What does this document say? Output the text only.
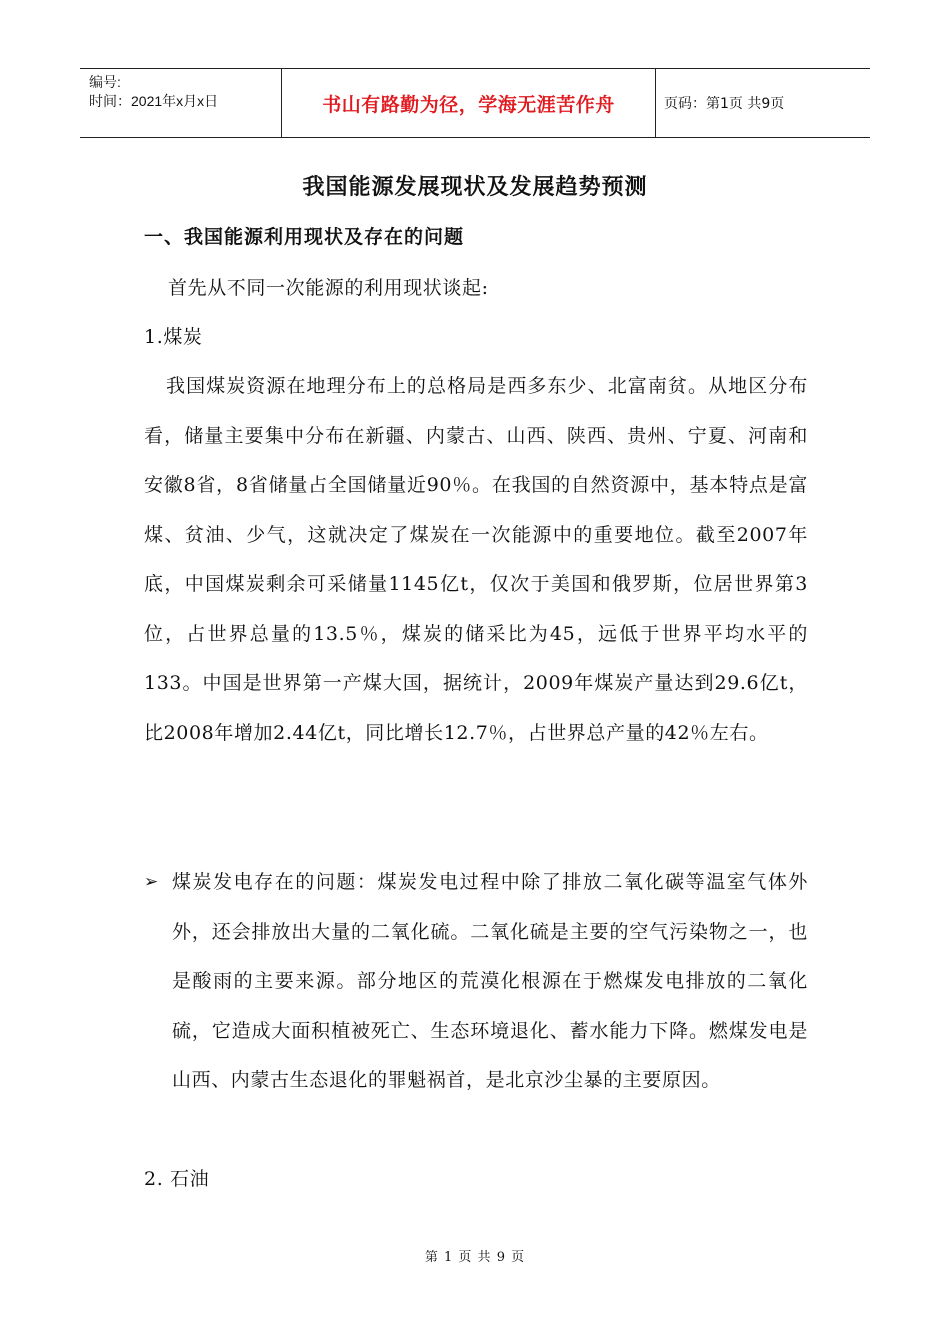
编号:
时间：2021年x月x日	书山有路勤为径，学海无涯苦作舟	页码：第1页 共9页
我国能源发展现状及发展趋势预测
一、我国能源利用现状及存在的问题
首先从不同一次能源的利用现状谈起:
1.煤炭
我国煤炭资源在地理分布上的总格局是西多东少、北富南贫。从地区分布看，储量主要集中分布在新疆、内蒙古、山西、陕西、贵州、宁夏、河南和安徽8省，8省储量占全国储量近90％。在我国的自然资源中，基本特点是富煤、贫油、少气，这就决定了煤炭在一次能源中的重要地位。截至2007年底，中国煤炭剩余可采储量1145亿t，仅次于美国和俄罗斯，位居世界第3位，占世界总量的13.5％，煤炭的储采比为45，远低于世界平均水平的133。中国是世界第一产煤大国，据统计，2009年煤炭产量达到29.6亿t，比2008年增加2.44亿t，同比增长12.7％，占世界总产量的42％左右。
➢ 煤炭发电存在的问题：煤炭发电过程中除了排放二氧化碳等温室气体外外，还会排放出大量的二氧化硫。二氧化硫是主要的空气污染物之一，也是酸雨的主要来源。部分地区的荒漠化根源在于燃煤发电排放的二氧化硫，它造成大面积植被死亡、生态环境退化、蓄水能力下降。燃煤发电是山西、内蒙古生态退化的罪魁祸首，是北京沙尘暴的主要原因。
2. 石油
第 1 页 共 9 页
